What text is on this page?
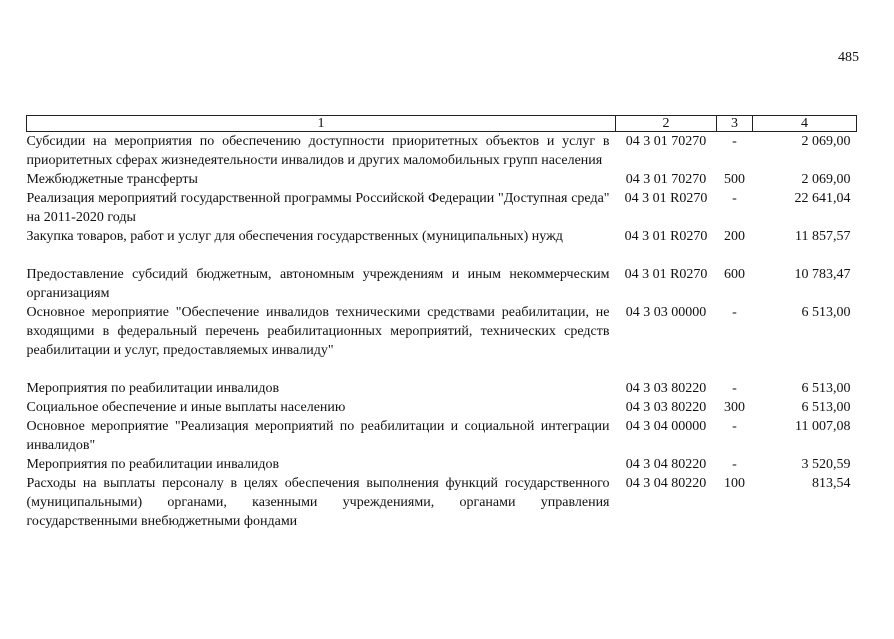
485
1	2	3	4
Субсидии на мероприятия по обеспечению доступности приоритетных объектов и услуг в приоритетных сферах жизнедеятельности инвалидов и других маломобильных групп населения	04 3 01 70270	-	2 069,00
Межбюджетные трансферты	04 3 01 70270	500	2 069,00
Реализация мероприятий государственной программы Российской Федерации "Доступная среда" на 2011-2020 годы	04 3 01 R0270	-	22 641,04
Закупка товаров, работ и услуг для обеспечения государственных (муниципальных) нужд	04 3 01 R0270	200	11 857,57

Предоставление субсидий бюджетным, автономным учреждениям и иным некоммерческим организациям	04 3 01 R0270	600	10 783,47
Основное мероприятие "Обеспечение инвалидов техническими средствами реабилитации, не входящими в федеральный перечень реабилитационных мероприятий, технических средств реабилитации и услуг, предоставляемых инвалиду"	04 3 03 00000	-	6 513,00

Мероприятия по реабилитации инвалидов	04 3 03 80220	-	6 513,00
Социальное обеспечение и иные выплаты населению	04 3 03 80220	300	6 513,00
Основное мероприятие "Реализация мероприятий по реабилитации и социальной интеграции инвалидов"	04 3 04 00000	-	11 007,08
Мероприятия по реабилитации инвалидов	04 3 04 80220	-	3 520,59
Расходы на выплаты персоналу в целях обеспечения выполнения функций государственного (муниципальными) органами, казенными учреждениями, органами управления государственными внебюджетными фондами	04 3 04 80220	100	813,54
